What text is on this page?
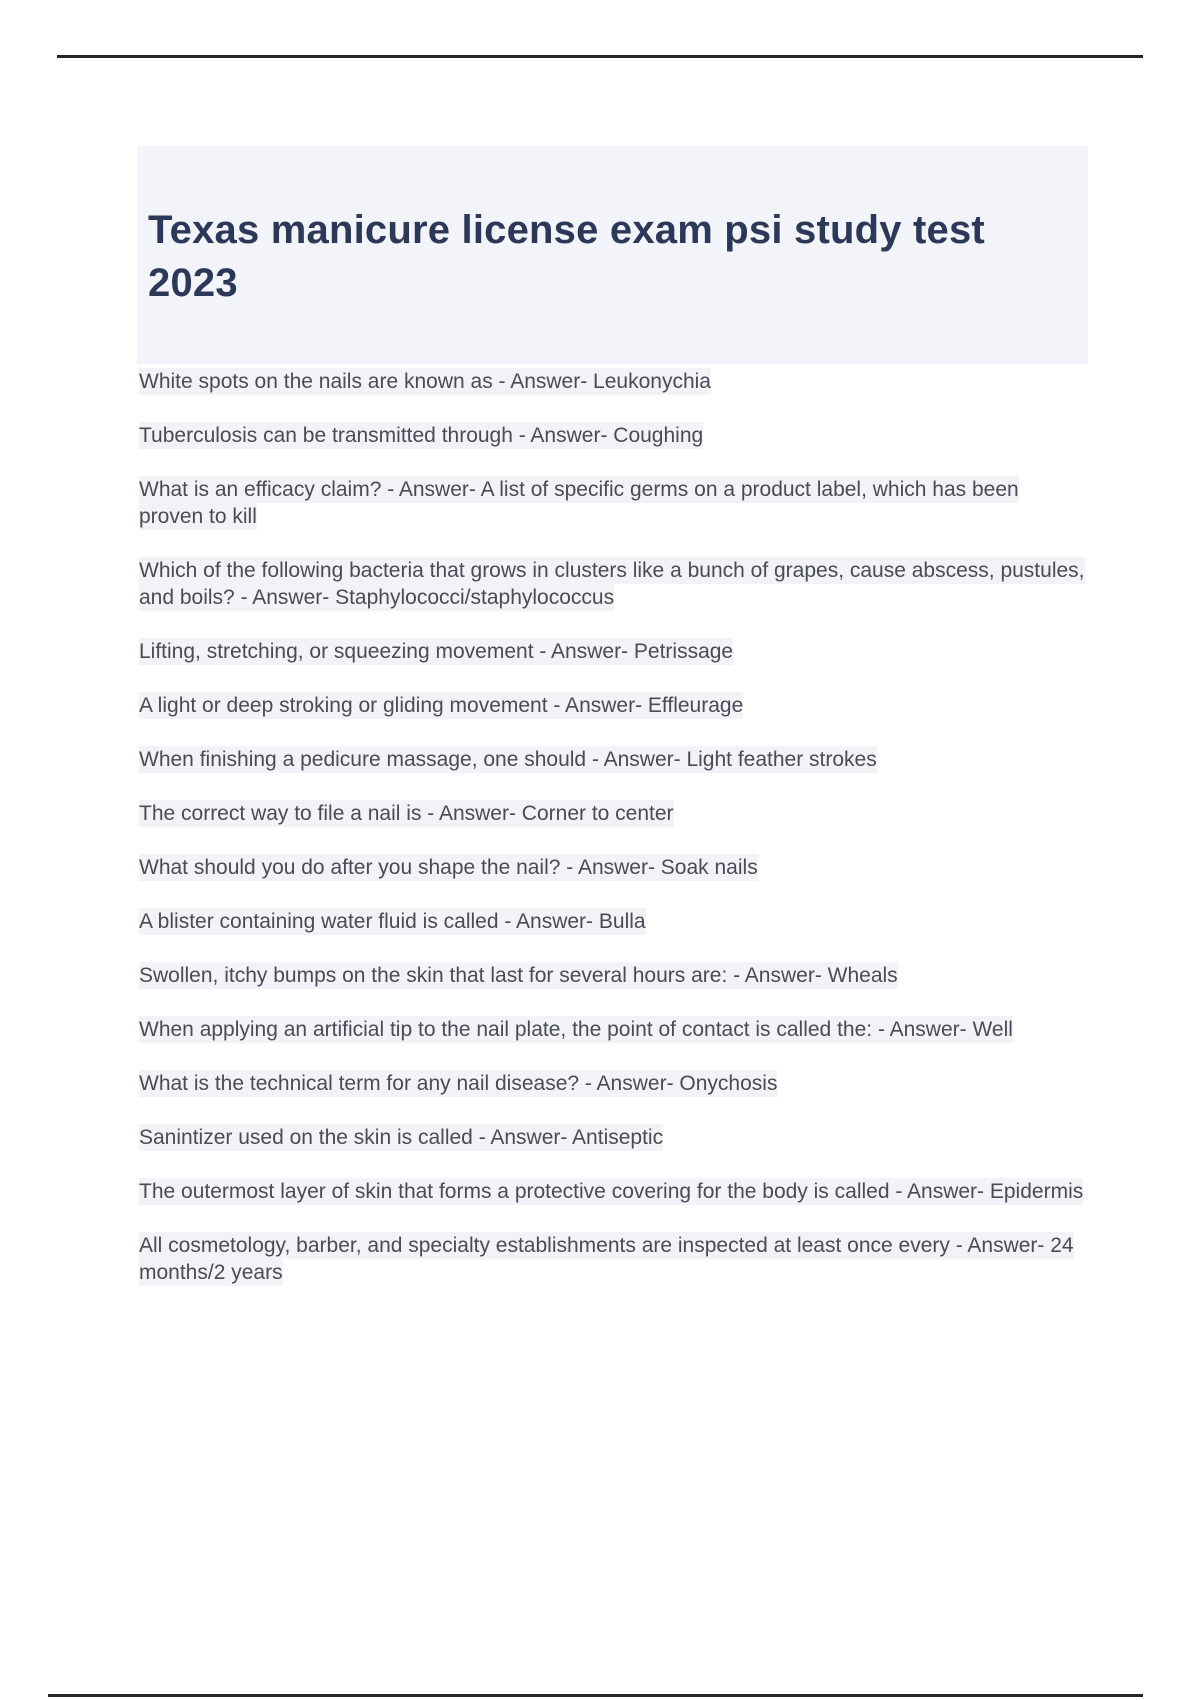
Texas manicure license exam psi study test 2023

White spots on the nails are known as - Answer- Leukonychia

Tuberculosis can be transmitted through - Answer- Coughing

What is an efficacy claim? - Answer- A list of specific germs on a product label, which has been proven to kill

Which of the following bacteria that grows in clusters like a bunch of grapes, cause abscess, pustules, and boils? - Answer- Staphylococci/staphylococcus

Lifting, stretching, or squeezing movement - Answer- Petrissage

A light or deep stroking or gliding movement - Answer- Effleurage

When finishing a pedicure massage, one should - Answer- Light feather strokes

The correct way to file a nail is - Answer- Corner to center

What should you do after you shape the nail? - Answer- Soak nails

A blister containing water fluid is called - Answer- Bulla

Swollen, itchy bumps on the skin that last for several hours are: - Answer- Wheals

When applying an artificial tip to the nail plate, the point of contact is called the: - Answer- Well

What is the technical term for any nail disease? - Answer- Onychosis

Sanintizer used on the skin is called - Answer- Antiseptic

The outermost layer of skin that forms a protective covering for the body is called - Answer- Epidermis

All cosmetology, barber, and specialty establishments are inspected at least once every - Answer- 24 months/2 years
